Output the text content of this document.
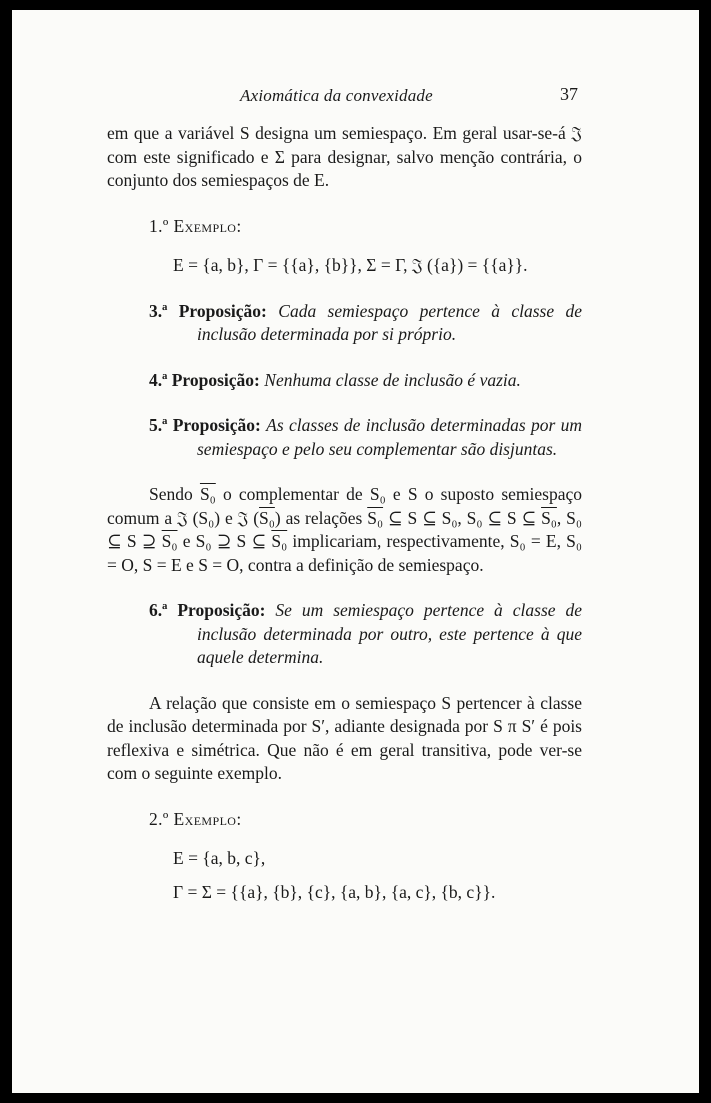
Axiomática da convexidade	37

em que a variável S designa um semiespaço. Em geral usar-se-á 𝔍 com este significado e Σ para designar, salvo menção contrária, o conjunto dos semiespaços de E.

1.º Exemplo:

E = {a, b}, Γ = {{a}, {b}}, Σ = Γ, 𝔍 ({a}) = {{a}}.

3.ª Proposição: Cada semiespaço pertence à classe de inclusão determinada por si próprio.

4.ª Proposição: Nenhuma classe de inclusão é vazia.

5.ª Proposição: As classes de inclusão determinadas por um semiespaço e pelo seu complementar são disjuntas.

Sendo S₀ o complementar de S₀ e S o suposto semiespaço comum a 𝔍 (S₀) e 𝔍 (S₀) as relações S₀ ⊆ S ⊆ S₀, S₀ ⊆ S ⊆ S₀, S₀ ⊆ S ⊇ S₀ e S₀ ⊇ S ⊆ S₀ implicariam, respectivamente, S₀ = E, S₀ = O, S = E e S = O, contra a definição de semiespaço.

6.ª Proposição: Se um semiespaço pertence à classe de inclusão determinada por outro, este pertence à que aquele determina.

A relação que consiste em o semiespaço S pertencer à classe de inclusão determinada por S′, adiante designada por S π S′ é pois reflexiva e simétrica. Que não é em geral transitiva, pode ver-se com o seguinte exemplo.

2.º Exemplo:

E = {a, b, c},

Γ = Σ = {{a}, {b}, {c}, {a, b}, {a, c}, {b, c}}.
